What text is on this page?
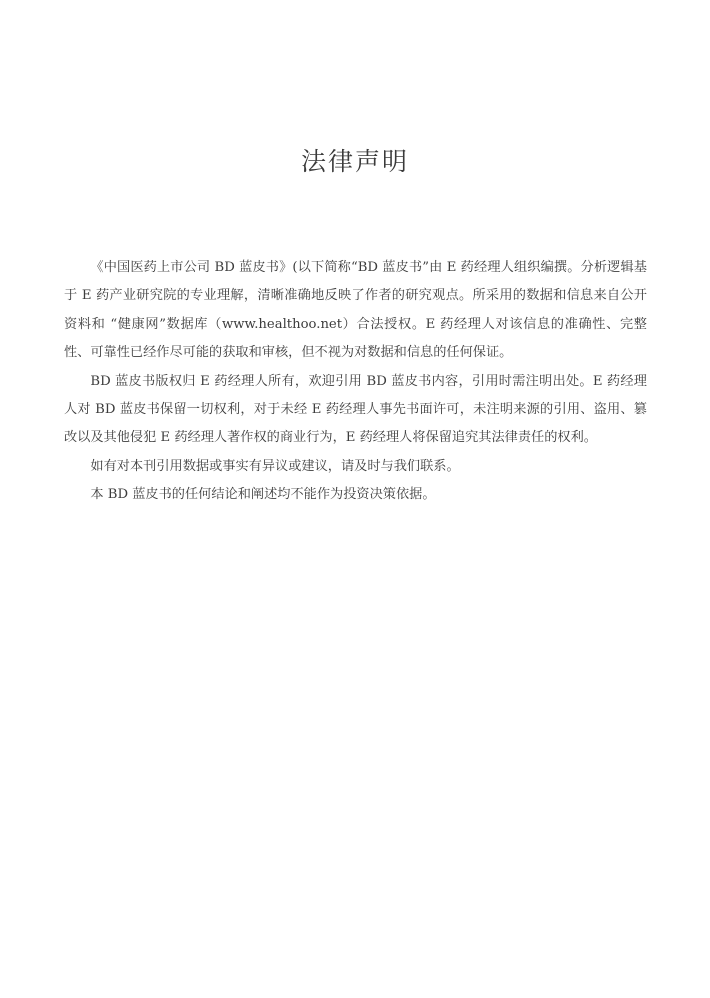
法律声明

《中国医药上市公司 BD 蓝皮书》(以下简称“BD 蓝皮书”由 E 药经理人组织编撰。分析逻辑基于 E 药产业研究院的专业理解，清晰准确地反映了作者的研究观点。所采用的数据和信息来自公开资料和 “健康网”数据库（www.healthoo.net）合法授权。E 药经理人对该信息的准确性、完整性、可靠性已经作尽可能的获取和审核，但不视为对数据和信息的任何保证。

BD 蓝皮书版权归 E 药经理人所有，欢迎引用 BD 蓝皮书内容，引用时需注明出处。E 药经理人对 BD 蓝皮书保留一切权利，对于未经 E 药经理人事先书面许可，未注明来源的引用、盗用、篡改以及其他侵犯 E 药经理人著作权的商业行为，E 药经理人将保留追究其法律责任的权利。

如有对本刊引用数据或事实有异议或建议，请及时与我们联系。

本 BD 蓝皮书的任何结论和阐述均不能作为投资决策依据。
